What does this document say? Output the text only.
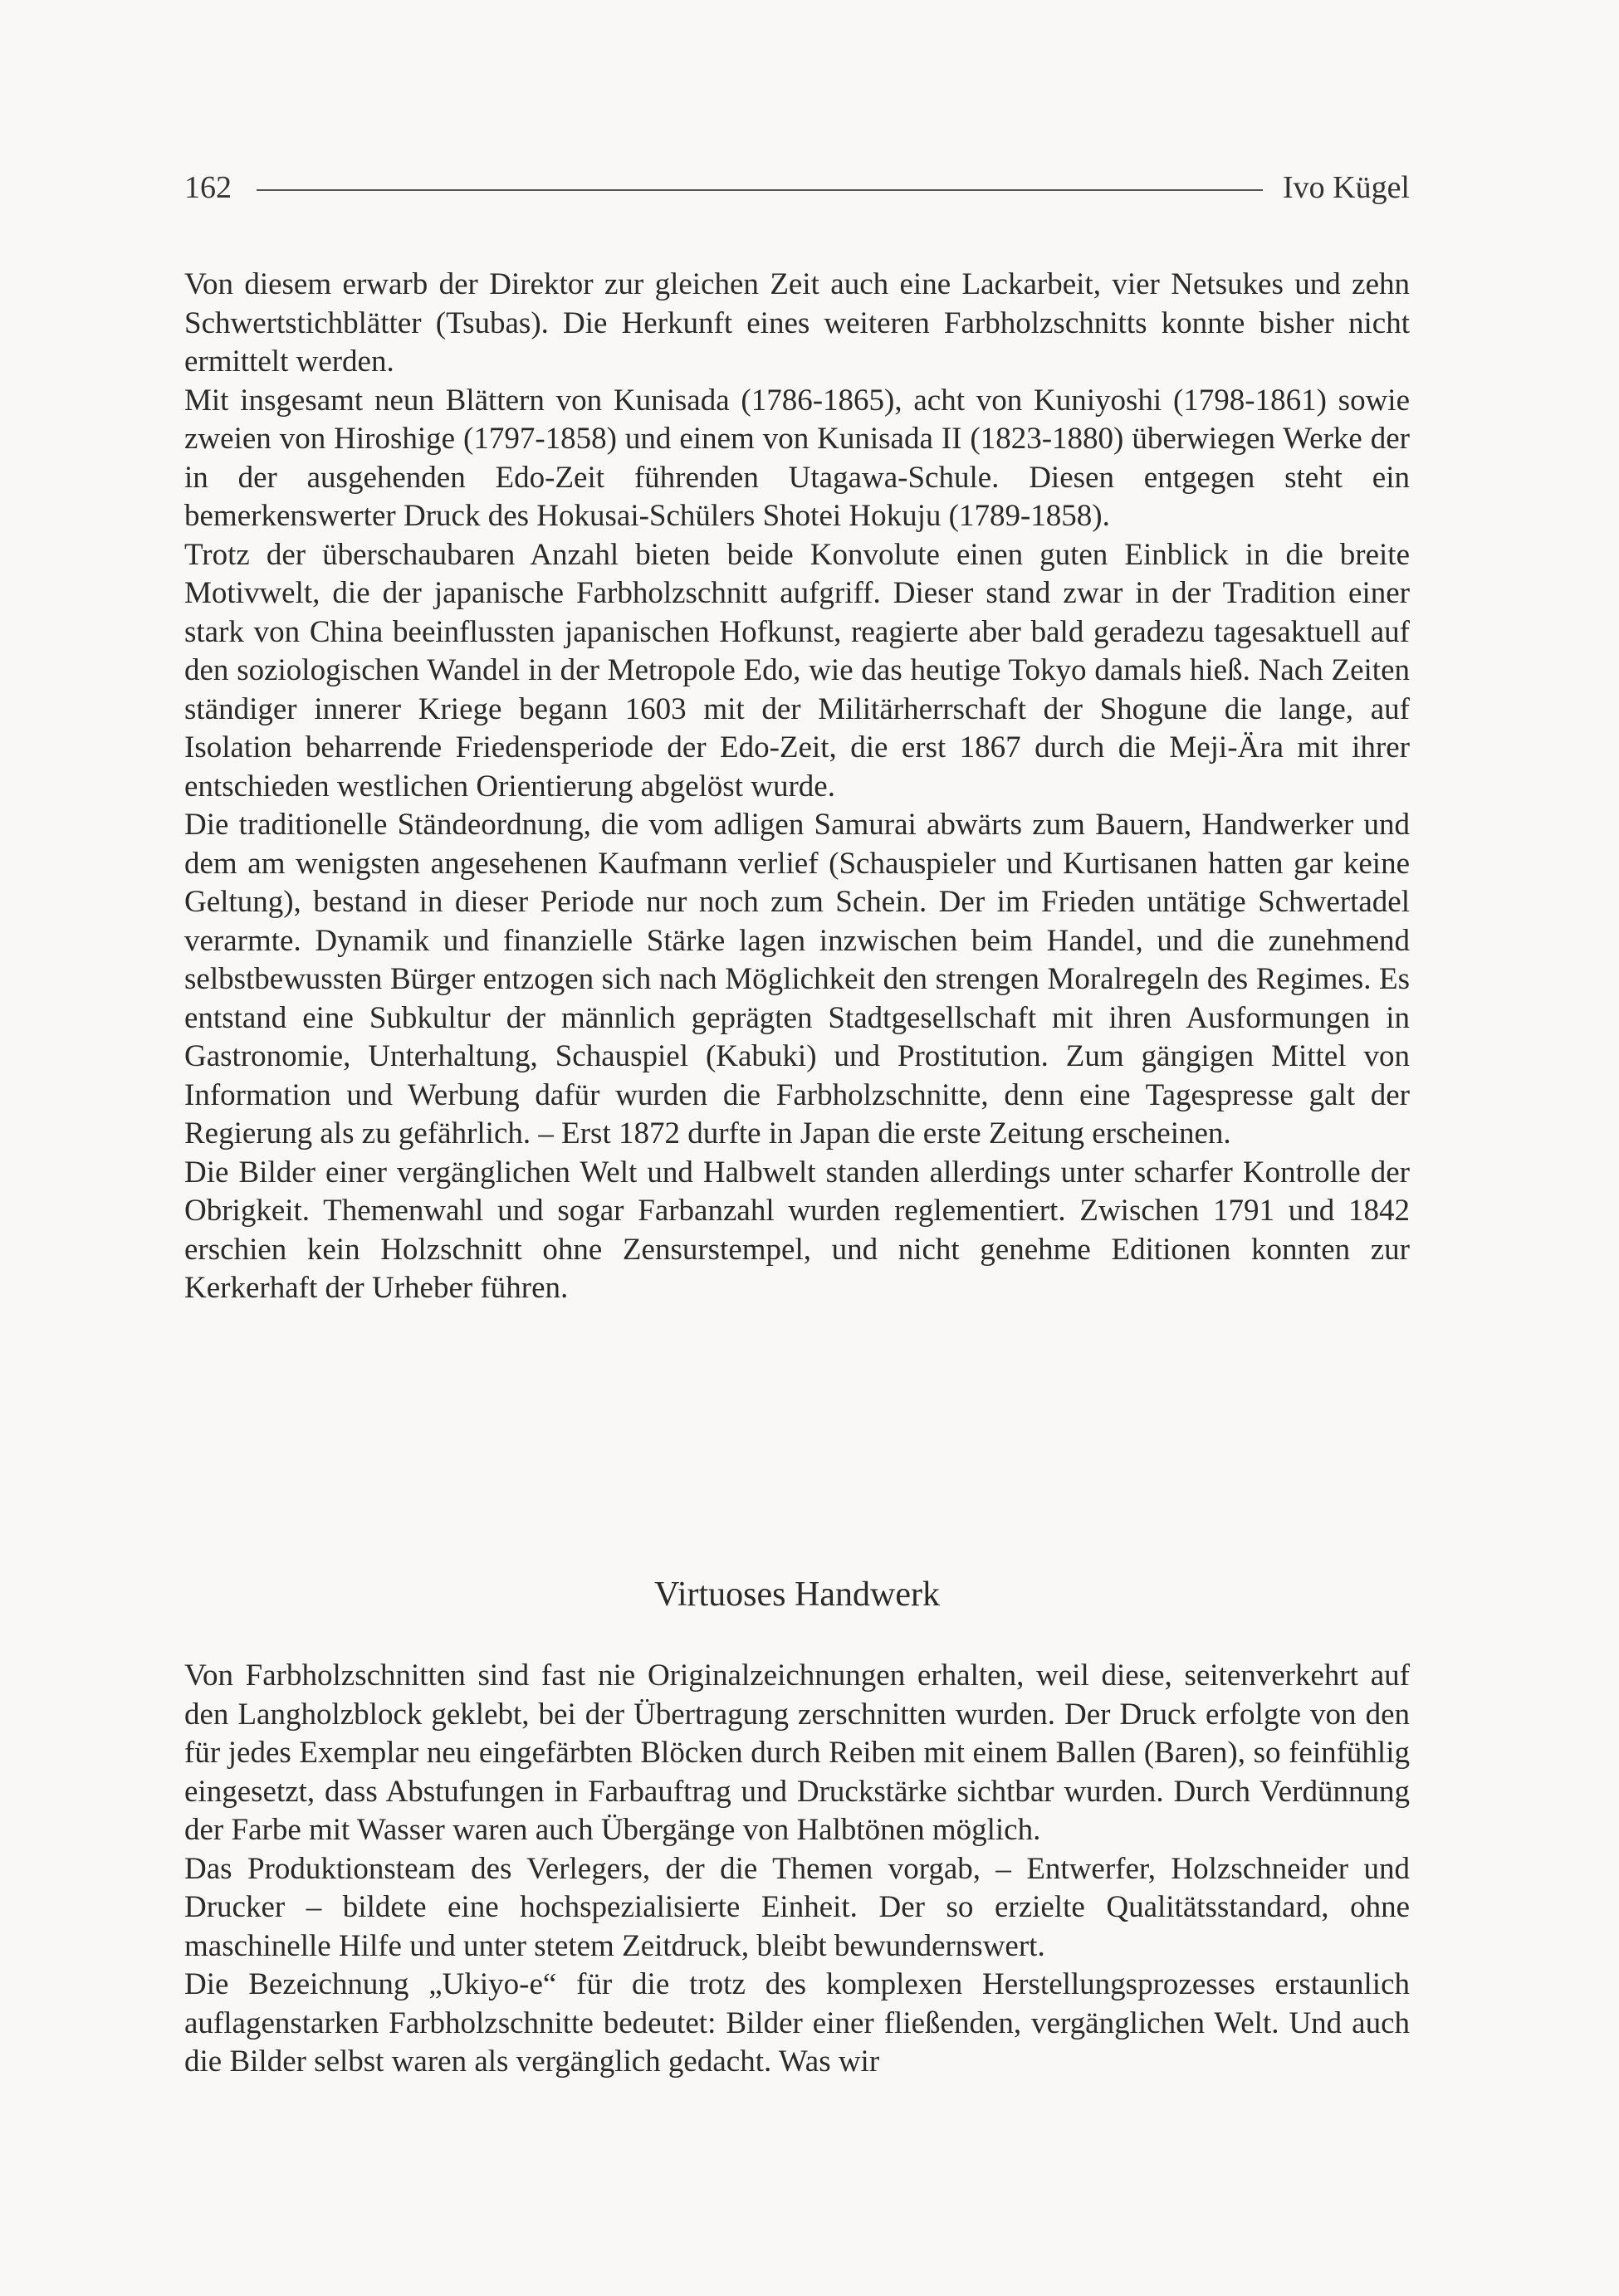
162	Ivo Kügel

Von diesem erwarb der Direktor zur gleichen Zeit auch eine Lackarbeit, vier Netsukes und zehn Schwertstichblätter (Tsubas). Die Herkunft eines weiteren Farbholzschnitts konnte bisher nicht ermittelt werden.

Mit insgesamt neun Blättern von Kunisada (1786-1865), acht von Kuniyoshi (1798-1861) sowie zweien von Hiroshige (1797-1858) und einem von Kunisada II (1823-1880) überwiegen Werke der in der ausgehenden Edo-Zeit führenden Utagawa-Schule. Diesen entgegen steht ein bemerkenswerter Druck des Hokusai-Schülers Shotei Hokuju (1789-1858).

Trotz der überschaubaren Anzahl bieten beide Konvolute einen guten Einblick in die breite Motivwelt, die der japanische Farbholzschnitt aufgriff. Dieser stand zwar in der Tradition einer stark von China beeinflussten japanischen Hofkunst, reagierte aber bald geradezu tagesaktuell auf den soziologischen Wandel in der Metropole Edo, wie das heutige Tokyo damals hieß. Nach Zeiten ständiger innerer Kriege begann 1603 mit der Militärherrschaft der Shogune die lange, auf Isolation beharrende Friedensperiode der Edo-Zeit, die erst 1867 durch die Meji-Ära mit ihrer entschieden westlichen Orientierung abgelöst wurde.

Die traditionelle Ständeordnung, die vom adligen Samurai abwärts zum Bauern, Handwerker und dem am wenigsten angesehenen Kaufmann verlief (Schauspieler und Kurtisanen hatten gar keine Geltung), bestand in dieser Periode nur noch zum Schein. Der im Frieden untätige Schwertadel verarmte. Dynamik und finanzielle Stärke lagen inzwischen beim Handel, und die zunehmend selbstbewussten Bürger entzogen sich nach Möglichkeit den strengen Moralregeln des Regimes. Es entstand eine Subkultur der männlich geprägten Stadtgesellschaft mit ihren Ausformungen in Gastronomie, Unterhaltung, Schauspiel (Kabuki) und Prostitution. Zum gängigen Mittel von Information und Werbung dafür wurden die Farbholzschnitte, denn eine Tagespresse galt der Regierung als zu gefährlich. – Erst 1872 durfte in Japan die erste Zeitung erscheinen.

Die Bilder einer vergänglichen Welt und Halbwelt standen allerdings unter scharfer Kontrolle der Obrigkeit. Themenwahl und sogar Farbanzahl wurden reglementiert. Zwischen 1791 und 1842 erschien kein Holzschnitt ohne Zensurstempel, und nicht genehme Editionen konnten zur Kerkerhaft der Urheber führen.

Virtuoses Handwerk

Von Farbholzschnitten sind fast nie Originalzeichnungen erhalten, weil diese, seitenverkehrt auf den Langholzblock geklebt, bei der Übertragung zerschnitten wurden. Der Druck erfolgte von den für jedes Exemplar neu eingefärbten Blöcken durch Reiben mit einem Ballen (Baren), so feinfühlig eingesetzt, dass Abstufungen in Farbauftrag und Druckstärke sichtbar wurden. Durch Verdünnung der Farbe mit Wasser waren auch Übergänge von Halbtönen möglich.

Das Produktionsteam des Verlegers, der die Themen vorgab, – Entwerfer, Holzschneider und Drucker – bildete eine hochspezialisierte Einheit. Der so erzielte Qualitätsstandard, ohne maschinelle Hilfe und unter stetem Zeitdruck, bleibt bewundernswert.

Die Bezeichnung „Ukiyo-e“ für die trotz des komplexen Herstellungsprozesses erstaunlich auflagenstarken Farbholzschnitte bedeutet: Bilder einer fließenden, vergänglichen Welt. Und auch die Bilder selbst waren als vergänglich gedacht. Was wir
